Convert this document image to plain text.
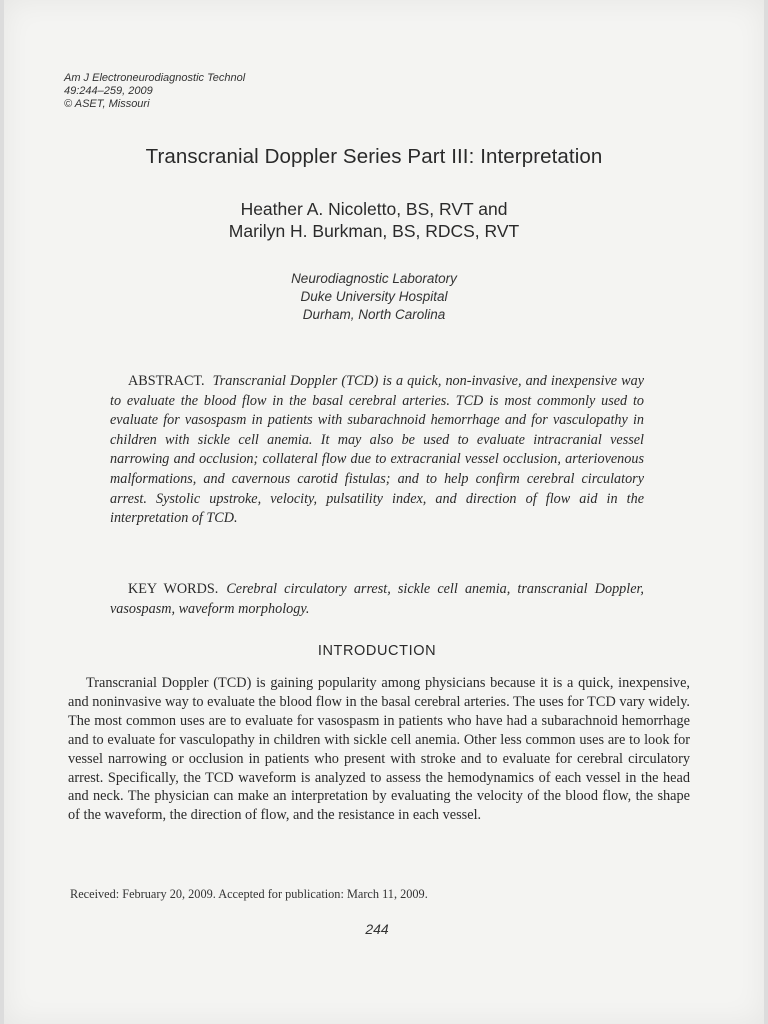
Am J Electroneurodiagnostic Technol
49:244–259, 2009
© ASET, Missouri
Transcranial Doppler Series Part III: Interpretation
Heather A. Nicoletto, BS, RVT and
Marilyn H. Burkman, BS, RDCS, RVT
Neurodiagnostic Laboratory
Duke University Hospital
Durham, North Carolina

ABSTRACT. Transcranial Doppler (TCD) is a quick, non-invasive, and inexpensive way to evaluate the blood flow in the basal cerebral arteries. TCD is most commonly used to evaluate for vasospasm in patients with subarachnoid hemorrhage and for vasculopathy in children with sickle cell anemia. It may also be used to evaluate intracranial vessel narrowing and occlusion; collateral flow due to extracranial vessel occlusion, arteriovenous malformations, and cavernous carotid fistulas; and to help confirm cerebral circulatory arrest. Systolic upstroke, velocity, pulsatility index, and direction of flow aid in the interpretation of TCD.

KEY WORDS. Cerebral circulatory arrest, sickle cell anemia, transcranial Doppler, vasospasm, waveform morphology.

INTRODUCTION

Transcranial Doppler (TCD) is gaining popularity among physicians because it is a quick, inexpensive, and noninvasive way to evaluate the blood flow in the basal cerebral arteries. The uses for TCD vary widely. The most common uses are to evaluate for vasospasm in patients who have had a subarachnoid hemorrhage and to evaluate for vasculopathy in children with sickle cell anemia. Other less common uses are to look for vessel narrowing or occlusion in patients who present with stroke and to evaluate for cerebral circulatory arrest. Specifically, the TCD waveform is analyzed to assess the hemodynamics of each vessel in the head and neck. The physician can make an interpretation by evaluating the velocity of the blood flow, the shape of the waveform, the direction of flow, and the resistance in each vessel.

Received: February 20, 2009. Accepted for publication: March 11, 2009.
244
